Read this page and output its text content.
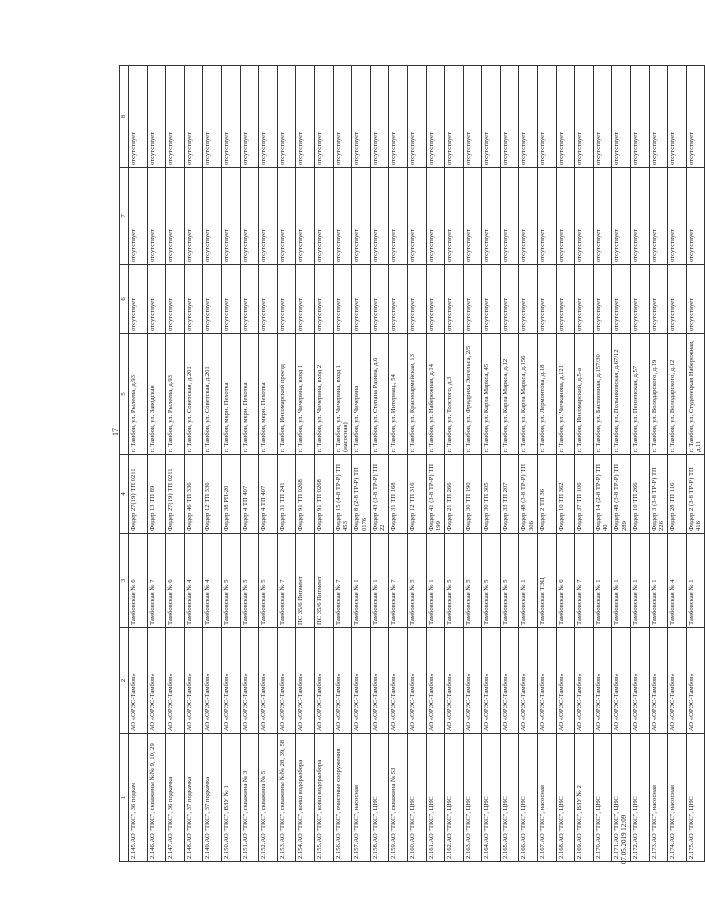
17
1	2	3	4	5	6	7	8
2.145.АО "ТКС", 36 подкач	АО «ОРЭС-Тамбов»	Тамбовская № 6	Фидер 27(19) ТП 0211	г. Тамбов, ул. Рылеева, д.93	отсутствует	отсутствует	отсутствует
2.146.АО "ТКС", скважины №№ 9, 10, 29	АО «ОРЭС-Тамбов»	Тамбовская № 7	Фидер 13 ТП 89	г. Тамбов, ул. Заводская	отсутствует	отсутствует	отсутствует
2.147.АО "ТКС", 36 подкачка	АО «ОРЭС-Тамбов»	Тамбовская № 6	Фидер 27(19) ТП 0211	г. Тамбов, ул. Рылеева, д.93	отсутствует	отсутствует	отсутствует
2.148.АО "ТКС", 37 подкачка	АО «ОРЭС-Тамбов»	Тамбовская № 4	Фидер 46 ТП 336	г. Тамбов, ул. Советская, д.201	отсутствует	отсутствует	отсутствует
2.149.АО "ТКС", 37 подкачка	АО «ОРЭС-Тамбов»	Тамбовская № 4	Фидер 12 ТП 336	г. Тамбов, ул. Советская, д.201	отсутствует	отсутствует	отсутствует
2.150.АО "ТКС", ВЗУ № 1	АО «ОРЭС-Тамбов»	Тамбовская № 5	Фидер 38 РП-20	г. Тамбов, мкрн. Пехотка	отсутствует	отсутствует	отсутствует
2.151.АО "ТКС", скважина № 3	АО «ОРЭС-Тамбов»	Тамбовская № 5	Фидер 4 ТП 407	г. Тамбов, мкрн. Пехотка	отсутствует	отсутствует	отсутствует
2.152.АО "ТКС", скважина № 5	АО «ОРЭС-Тамбов»	Тамбовская № 5	Фидер 4 ТП 407	г. Тамбов, мкрн. Пехотка	отсутствует	отсутствует	отсутствует
2.153.АО "ТКС", скважины №№ 28, 39, 58	АО «ОРЭС-Тамбов»	Тамбовская № 7	Фидер 31 ТП 241	г. Тамбов, Инсомарский проезд	отсутствует	отсутствует	отсутствует
2.154.АО "ТКС", ковш водоразбора	АО «ОРЭС-Тамбов»	ПС 35/6 Пигмент	Фидер 91 ТП 0268	г. Тамбов, ул. Чичерина, вход 1	отсутствует	отсутствует	отсутствует
2.155.АО "ТКС", ковш водоразбора	АО «ОРЭС-Тамбов»	ПС 35/6 Пигмент	Фидер 91 ТП 0268	г. Тамбов, ул. Чичерина, вход 2	отсутствует	отсутствует	отсутствует
2.156.АО "ТКС", очистные сооружения	АО «ОРЭС-Тамбов»	Тамбовская № 7	Фидер 15 (4-8 ТР-Р) ТП 453	г. Тамбов, ул. Чичерина, вход 1 (насосная)	отсутствует	отсутствует	отсутствует
2.157.АО "ТКС", насосная	АО «ОРЭС-Тамбов»	Тамбовская № 1	Фидер 8 (2-8 ТР-Р) ТП 0176	г. Тамбов, ул. Чичерина	отсутствует	отсутствует	отсутствует
2.158.АО "ТКС", ЦНС	АО «ОРЭС-Тамбов»	Тамбовская № 1	Фидер 43 (3-8 ТР-Р) ТП 22	г. Тамбов, ул. Степана Разина, д.6	отсутствует	отсутствует	отсутствует
2.159.АО "ТКС", скважина № 53	АО «ОРЭС-Тамбов»	Тамбовская № 7	Фидер 31 ТП 168	г. Тамбов, ул. Интернац., 54	отсутствует	отсутствует	отсутствует
2.160.АО "ТКС", ЦНС	АО «ОРЭС-Тамбов»	Тамбовская № 5	Фидер 12 ТП 316	г. Тамбов, ул. Красноармейская, 13	отсутствует	отсутствует	отсутствует
2.161.АО "ТКС", ЦНС	АО «ОРЭС-Тамбов»	Тамбовская № 1	Фидер 41 (3-8 ТР-Р) ТП 199	г. Тамбов, ул. Набережная, д.14	отсутствует	отсутствует	отсутствует
2.162.АО "ТКС", ЦНС	АО «ОРЭС-Тамбов»	Тамбовская № 5	Фидер 21 ТП 266	г. Тамбов, ул. Толстого, д.3	отсутствует	отсутствует	отсутствует
2.163.АО "ТКС", ЦНС	АО «ОРЭС-Тамбов»	Тамбовская № 5	Фидер 30 ТП 190	г. Тамбов, ул. Фридриха Энгельса, 2/5	отсутствует	отсутствует	отсутствует
2.164.АО "ТКС", ЦНС	АО «ОРЭС-Тамбов»	Тамбовская № 5	Фидер 30 ТП 305	г. Тамбов, ул. Карла Маркса, 45	отсутствует	отсутствует	отсутствует
2.165.АО "ТКС", ЦНС	АО «ОРЭС-Тамбов»	Тамбовская № 5	Фидер 33 ТП 207	г. Тамбов, ул. Карла Маркса, д.12	отсутствует	отсутствует	отсутствует
2.166.АО "ТКС", ЦНС	АО «ОРЭС-Тамбов»	Тамбовская № 1	Фидер 48 (3-8 ТР-Р) ТП 306	г. Тамбов, ул. Карла Маркса, д.156	отсутствует	отсутствует	отсутствует
2.167.АО "ТКС", насосная	АО «ОРЭС-Тамбов»	Тамбовская ТЭЦ	Фидер 2 ТП 36	г. Тамбов, ул. Лермонтова, д.18	отсутствует	отсутствует	отсутствует
2.168.АО "ТКС", ЦНС	АО «ОРЭС-Тамбов»	Тамбовская № 6	Фидер 10 ТП 362	г. Тамбов, ул. Чичканова, д.121	отсутствует	отсутствует	отсутствует
2.169.АО "ТКС", ВЗУ № 2	АО «ОРЭС-Тамбов»	Тамбовская № 7	Фидер 37 ТП 106	г. Тамбов, Инсомарский, д.5-а	отсутствует	отсутствует	отсутствует
2.170.АО "ТКС", ЦНС	АО «ОРЭС-Тамбов»	Тамбовская № 1	Фидер 14 (2-8 ТР-Р) ТП 40	г. Тамбов, ул. Бастионная, д.157/30	отсутствует	отсутствует	отсутствует
2.171.АО "ТКС", ЦНС	АО «ОРЭС-Тамбов»	Тамбовская № 1	Фидер 48 (3-8 ТР-Р) ТП 289	г. Тамбов, ул. Полынковская, д.67/12	отсутствует	отсутствует	отсутствует
2.172.АО "ТКС", ЦНС	АО «ОРЭС-Тамбов»	Тамбовская № 1	Фидер 10 ТП 266	г. Тамбов, ул. Пензенская, д.57	отсутствует	отсутствует	отсутствует
2.173.АО "ТКС", насосная	АО «ОРЭС-Тамбов»	Тамбовская № 1	Фидер 3 (3-8 ТР-Р) ТП 226	г. Тамбов, ул. Володарского, д.19	отсутствует	отсутствует	отсутствует
2.174.АО "ТКС", насосная	АО «ОРЭС-Тамбов»	Тамбовская № 4	Фидер 28 ТП 116	г. Тамбов, ул. Володарского, д.12	отсутствует	отсутствует	отсутствует
2.175.АО "ТКС", ЦНС	АО «ОРЭС-Тамбов»	Тамбовская № 1	Фидер 2 (3-8 ТР-Р) ТП 416	г. Тамбов, ул. Студенецкая Набережная, д.11	отсутствует	отсутствует	отсутствует
07.05.2019 12:09
